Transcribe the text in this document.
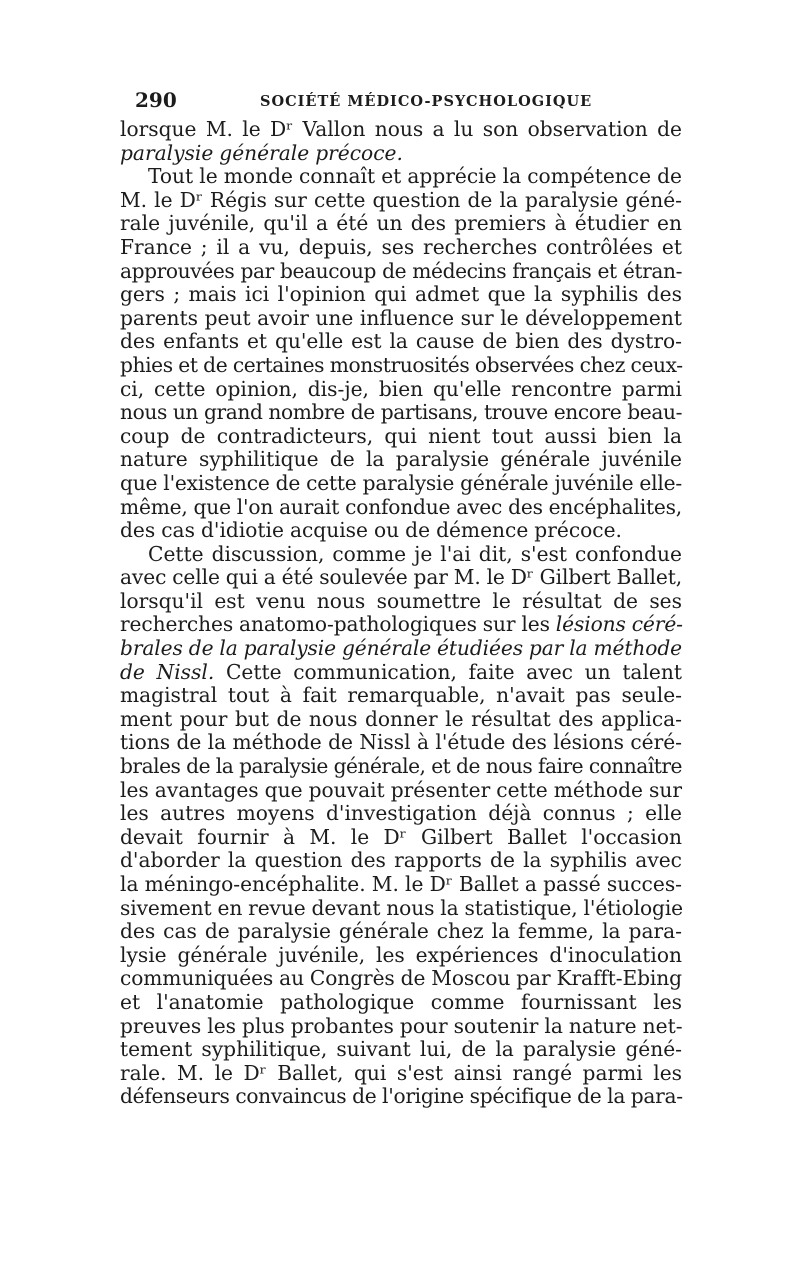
290	SOCIÉTÉ MÉDICO-PSYCHOLOGIQUE
lorsque M. le Dʳ Vallon nous a lu son observation de
paralysie générale précoce.
Tout le monde connaît et apprécie la compétence de
M. le Dʳ Régis sur cette question de la paralysie géné-
rale juvénile, qu'il a été un des premiers à étudier en
France ; il a vu, depuis, ses recherches contrôlées et
approuvées par beaucoup de médecins français et étran-
gers ; mais ici l'opinion qui admet que la syphilis des
parents peut avoir une influence sur le développement
des enfants et qu'elle est la cause de bien des dystro-
phies et de certaines monstruosités observées chez ceux-
ci, cette opinion, dis-je, bien qu'elle rencontre parmi
nous un grand nombre de partisans, trouve encore beau-
coup de contradicteurs, qui nient tout aussi bien la
nature syphilitique de la paralysie générale juvénile
que l'existence de cette paralysie générale juvénile elle-
même, que l'on aurait confondue avec des encéphalites,
des cas d'idiotie acquise ou de démence précoce.
Cette discussion, comme je l'ai dit, s'est confondue
avec celle qui a été soulevée par M. le Dʳ Gilbert Ballet,
lorsqu'il est venu nous soumettre le résultat de ses
recherches anatomo-pathologiques sur les lésions céré-
brales de la paralysie générale étudiées par la méthode
de Nissl. Cette communication, faite avec un talent
magistral tout à fait remarquable, n'avait pas seule-
ment pour but de nous donner le résultat des applica-
tions de la méthode de Nissl à l'étude des lésions céré-
brales de la paralysie générale, et de nous faire connaître
les avantages que pouvait présenter cette méthode sur
les autres moyens d'investigation déjà connus ; elle
devait fournir à M. le Dʳ Gilbert Ballet l'occasion
d'aborder la question des rapports de la syphilis avec
la méningo-encéphalite. M. le Dʳ Ballet a passé succes-
sivement en revue devant nous la statistique, l'étiologie
des cas de paralysie générale chez la femme, la para-
lysie générale juvénile, les expériences d'inoculation
communiquées au Congrès de Moscou par Krafft-Ebing
et l'anatomie pathologique comme fournissant les
preuves les plus probantes pour soutenir la nature net-
tement syphilitique, suivant lui, de la paralysie géné-
rale. M. le Dʳ Ballet, qui s'est ainsi rangé parmi les
défenseurs convaincus de l'origine spécifique de la para-
